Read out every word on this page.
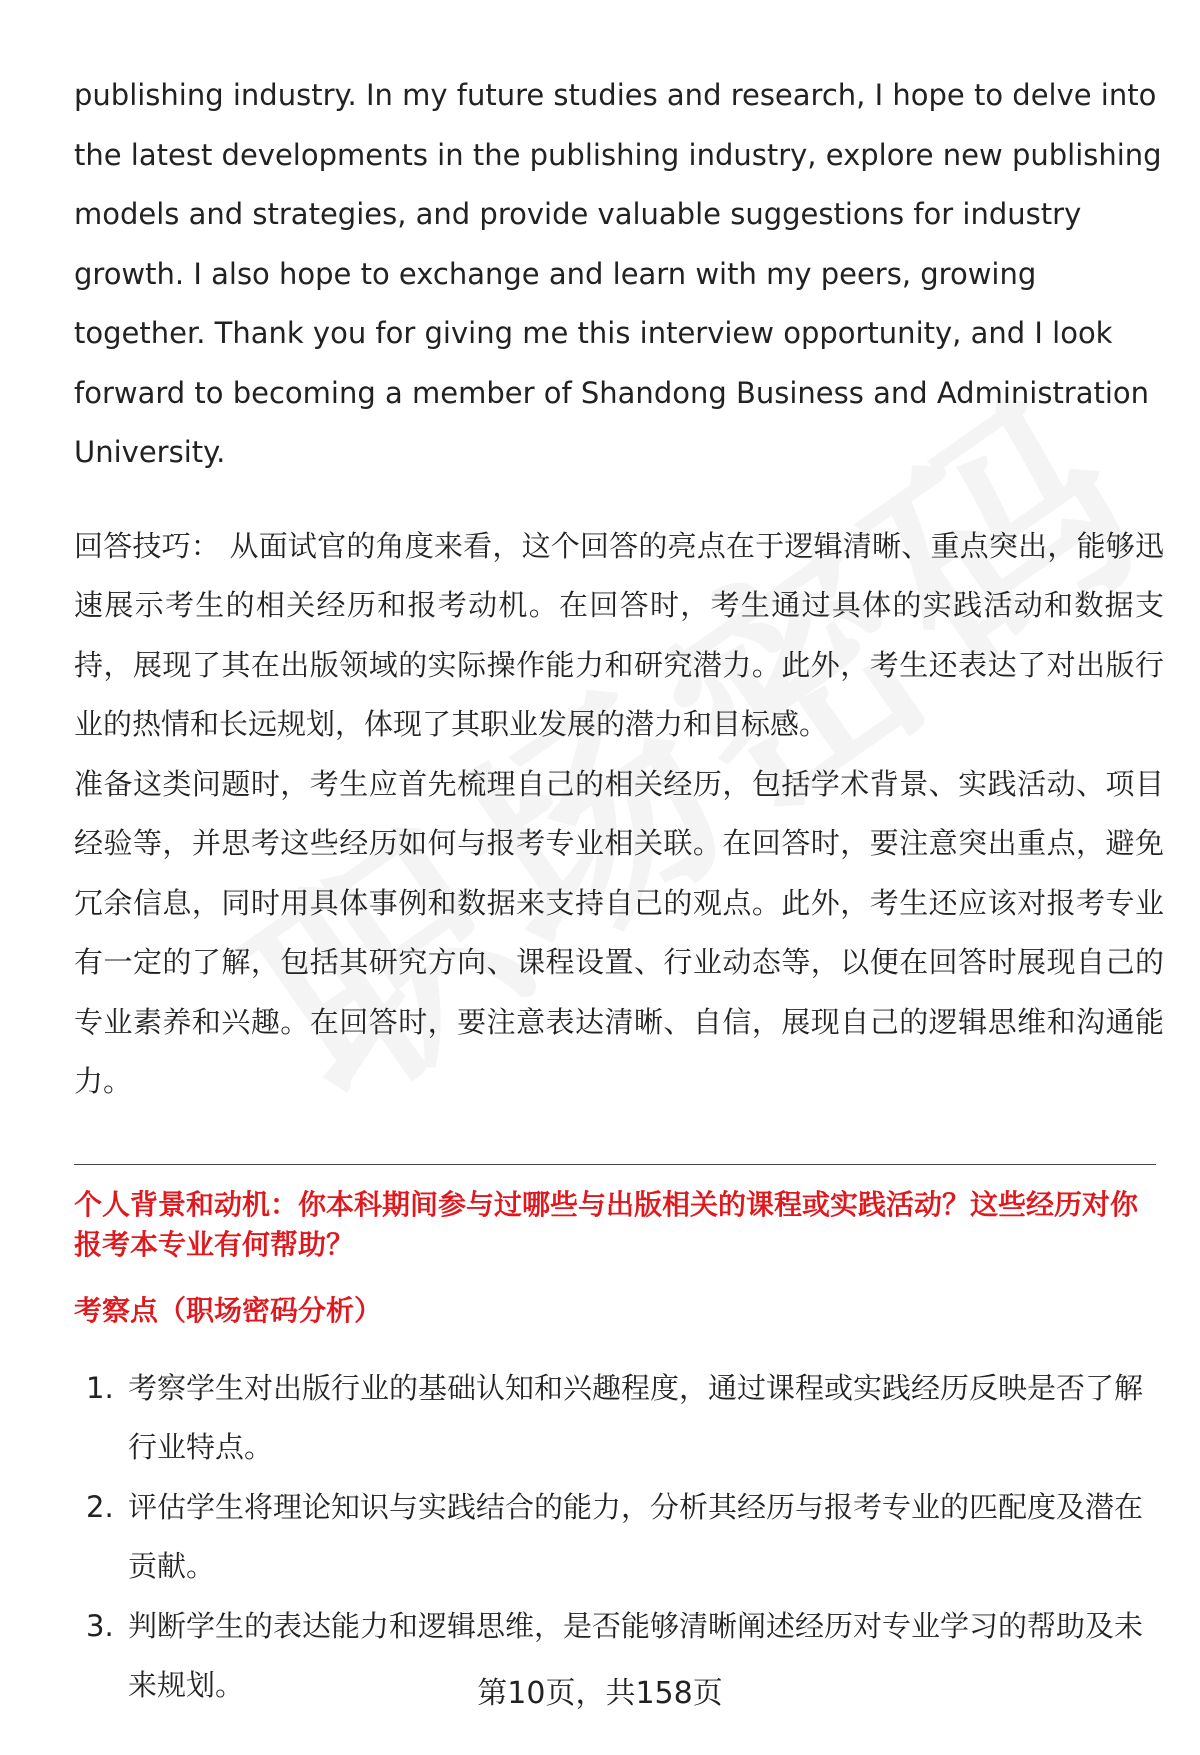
publishing industry. In my future studies and research, I hope to delve into the latest developments in the publishing industry, explore new publishing models and strategies, and provide valuable suggestions for industry growth. I also hope to exchange and learn with my peers, growing together. Thank you for giving me this interview opportunity, and I look forward to becoming a member of Shandong Business and Administration University.

回答技巧： 从面试官的角度来看，这个回答的亮点在于逻辑清晰、重点突出，能够迅速展示考生的相关经历和报考动机。在回答时，考生通过具体的实践活动和数据支持，展现了其在出版领域的实际操作能力和研究潜力。此外，考生还表达了对出版行业的热情和长远规划，体现了其职业发展的潜力和目标感。

准备这类问题时，考生应首先梳理自己的相关经历，包括学术背景、实践活动、项目经验等，并思考这些经历如何与报考专业相关联。在回答时，要注意突出重点，避免冗余信息，同时用具体事例和数据来支持自己的观点。此外，考生还应该对报考专业有一定的了解，包括其研究方向、课程设置、行业动态等，以便在回答时展现自己的专业素养和兴趣。在回答时，要注意表达清晰、自信，展现自己的逻辑思维和沟通能力。

个人背景和动机：你本科期间参与过哪些与出版相关的课程或实践活动？这些经历对你报考本专业有何帮助？

考察点（职场密码分析）

1. 考察学生对出版行业的基础认知和兴趣程度，通过课程或实践经历反映是否了解行业特点。
2. 评估学生将理论知识与实践结合的能力，分析其经历与报考专业的匹配度及潜在贡献。
3. 判断学生的表达能力和逻辑思维，是否能够清晰阐述经历对专业学习的帮助及未来规划。	第10页，共158页
